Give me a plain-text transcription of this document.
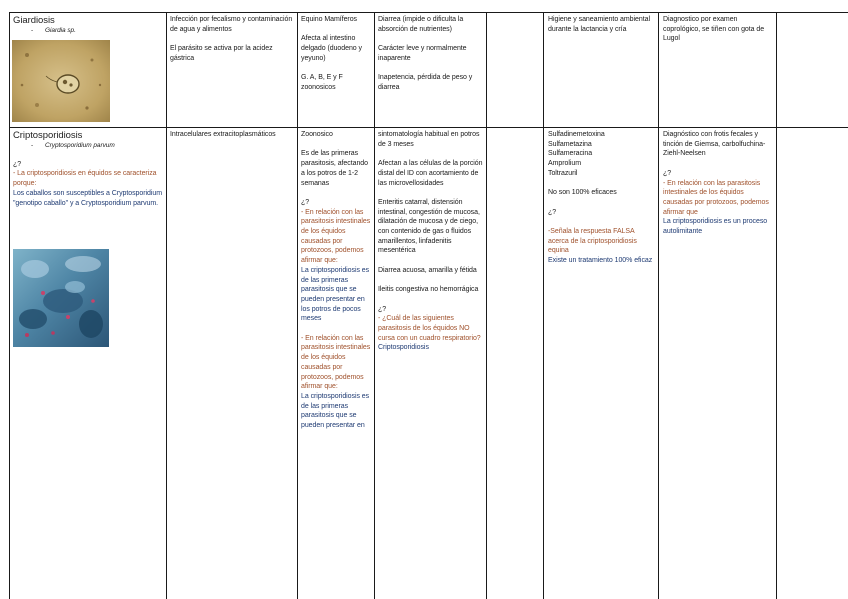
Giardiosis
- Giardia sp.

Infección por fecalismo y contaminación de agua y alimentos

El parásito se activa por la acidez gástrica

Equino Mamíferos

Afecta al intestino delgado (duodeno y yeyuno)

G. A, B, E y F zoonosicos

Diarrea (impide o dificulta la absorción de nutrientes)

Carácter leve y normalmente inaparente

Inapetencia, pérdida de peso y diarrea

Higiene y saneamiento ambiental durante la lactancia y cría

Diagnostico por examen coprológico, se tiñen con gota de Lugol

Criptosporidiosis
- Cryptosporidium parvum

¿?

- La criptosporidiosis en équidos se caracteriza porque:

Los caballos son susceptibles a Cryptosporidium "genotipo caballo" y a Cryptosporidium parvum.

Intracelulares extracitoplasmáticos	Zoonosico

Es de las primeras parasitosis, afectando a los potros de 1-2 semanas

¿?

- En relación con las parasitosis intestinales de los équidos causadas por protozoos, podemos afirmar que:

La criptosporidiosis es de las primeras parasitosis que se pueden presentar en los potros de pocos meses

- En relación con las parasitosis intestinales de los équidos causadas por protozoos, podemos afirmar que:

La criptosporidiosis es de las primeras parasitosis que se pueden presentar en

sintomatología habitual en potros de 3 meses

Afectan a las células de la porción distal del ID con acortamiento de las microvellosidades

Enteritis catarral, distensión intestinal, congestión de mucosa, dilatación de mucosa y de ciego, con contenido de gas o fluidos amarillentos, linfadenitis mesentérica

Diarrea acuosa, amarilla y fétida

Ileitis congestiva no hemorrágica

¿?

- ¿Cuál de las siguientes parasitosis de los équidos NO cursa con un cuadro respiratorio?

Criptosporidiosis

Sulfadinemetoxina

Sulfametazina

Sulfameracina

Amprolium

Toltrazuril

No son 100% eficaces

¿?

-Señala la respuesta FALSA acerca de la criptosporidiosis equina

Existe un tratamiento 100% eficaz

Diagnóstico con frotis fecales y tinción de Giemsa, carbolfuchina-Ziehl-Neelsen

¿?

- En relación con las parasitosis intestinales de los équidos causadas por protozoos, podemos afirmar que

La criptosporidiosis es un proceso autolimitante
